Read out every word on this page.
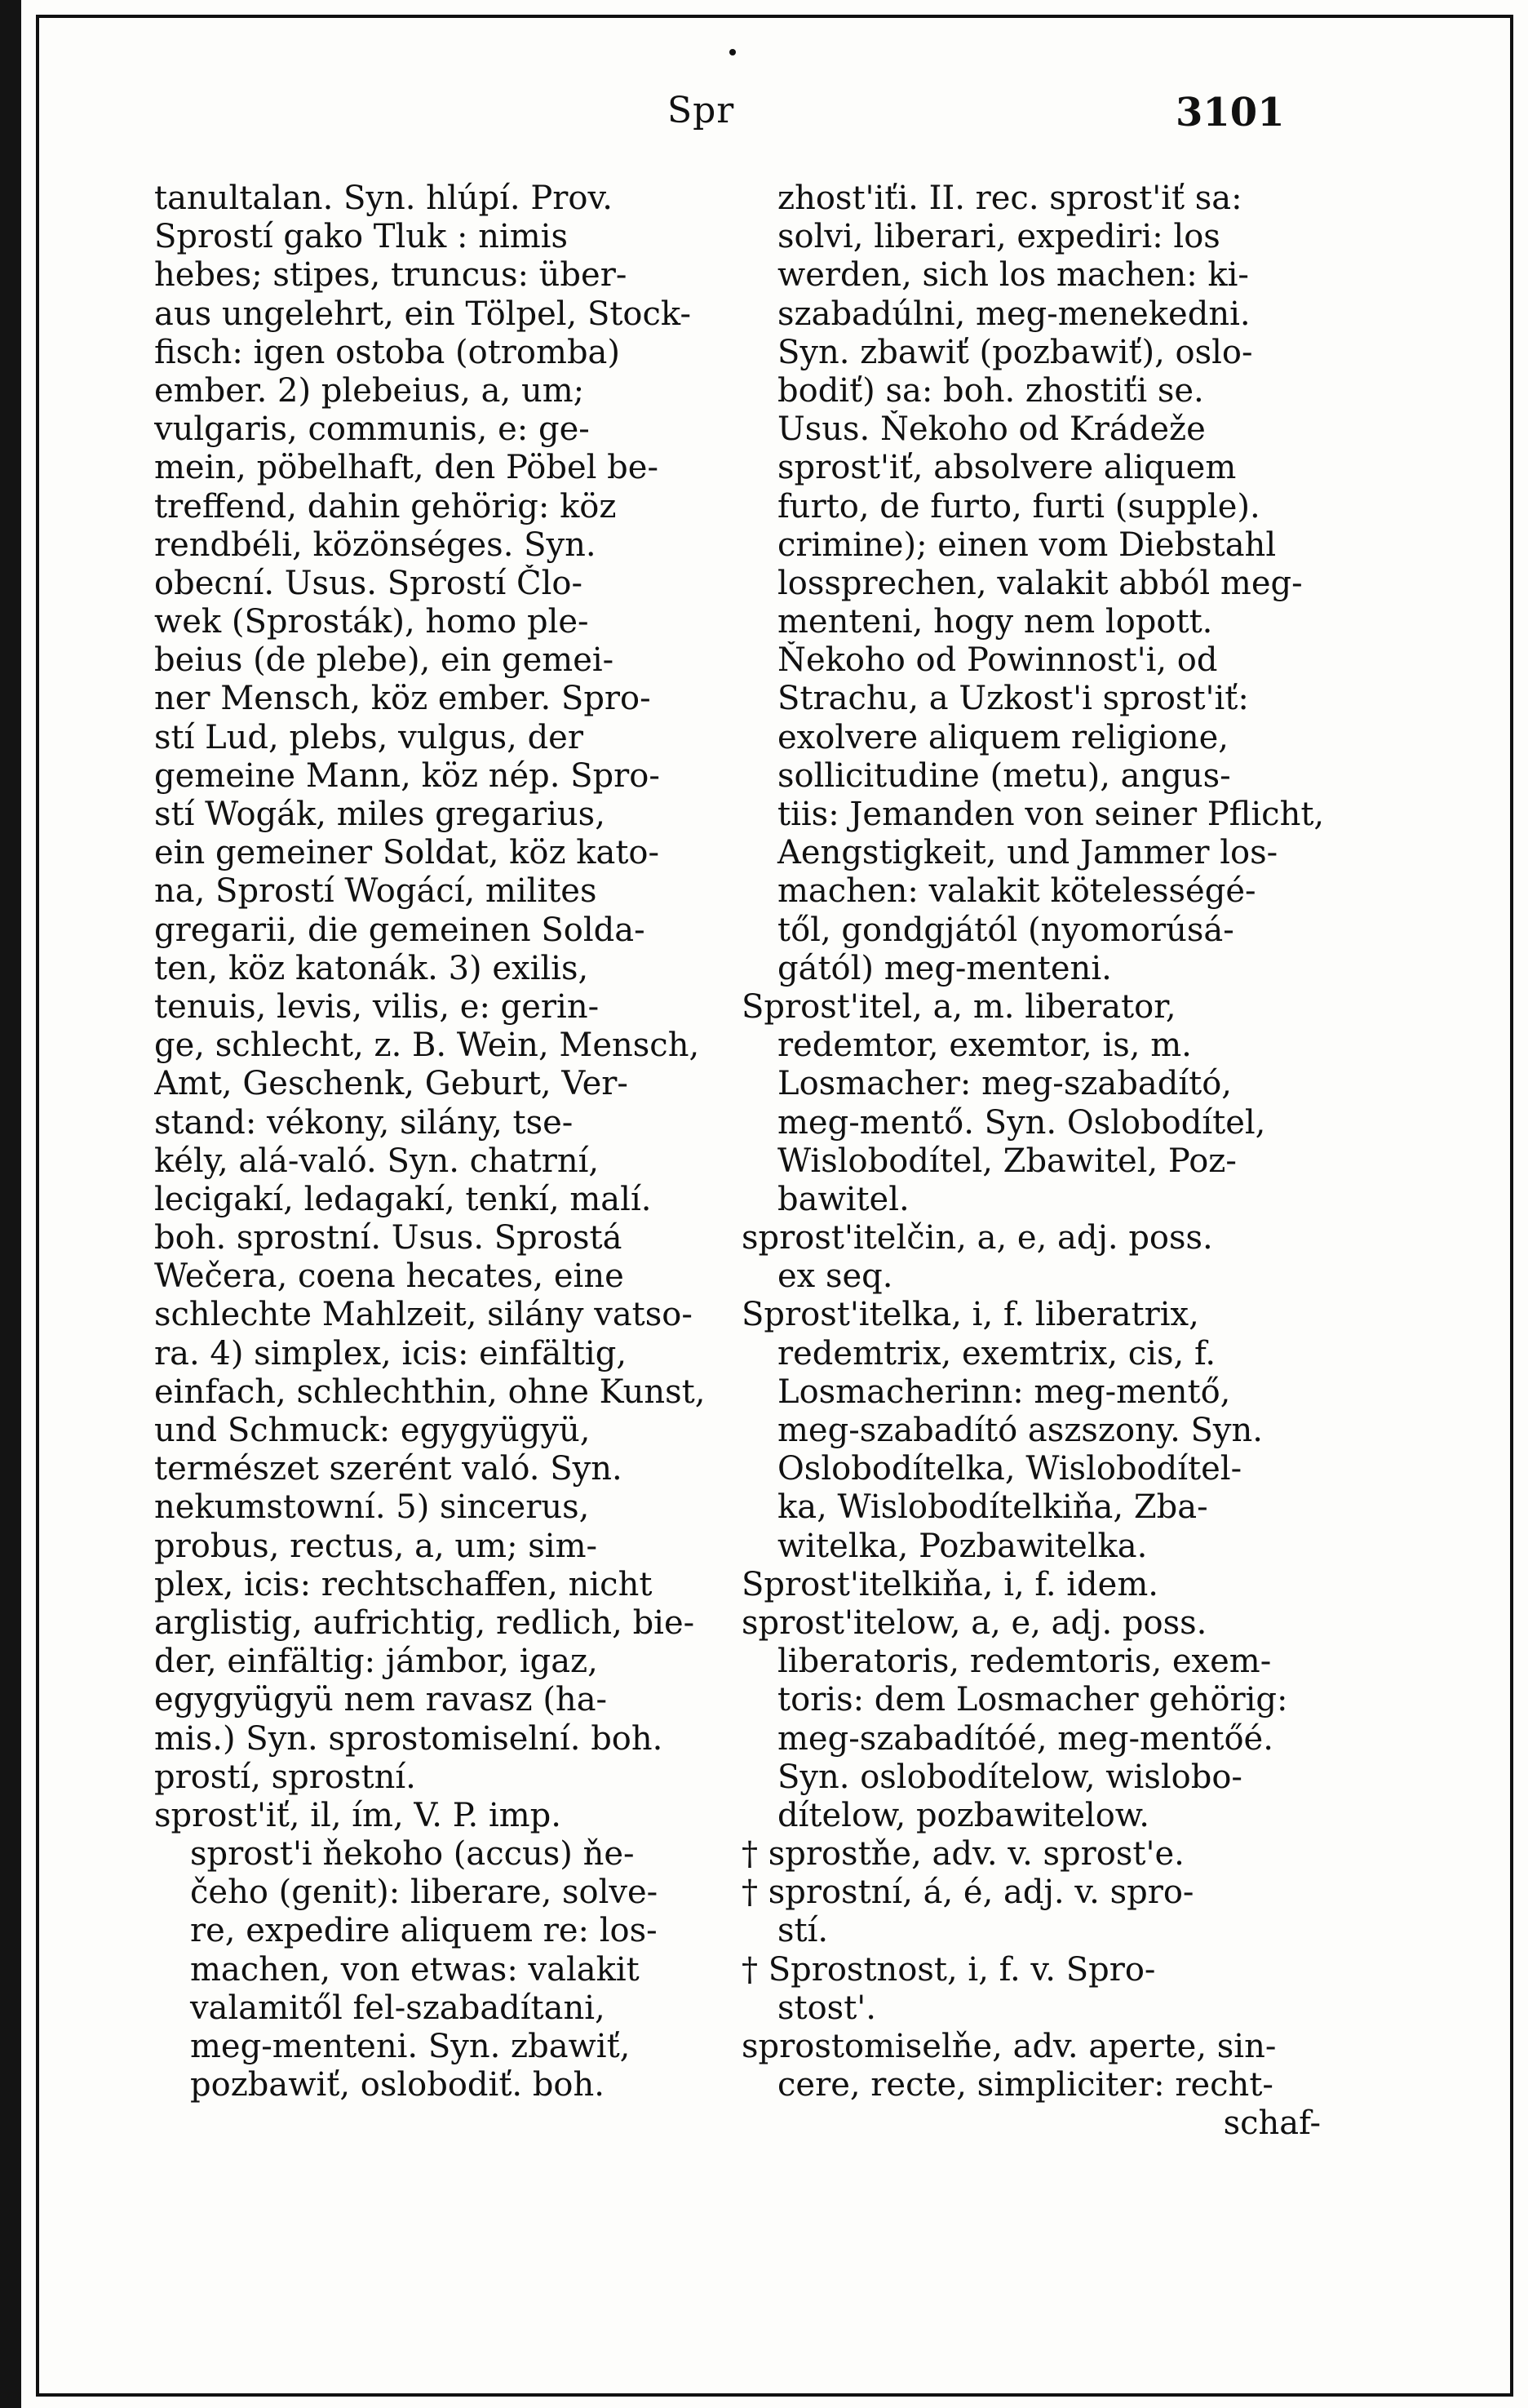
Spr	3101
tanultalan. Syn. hlúpí. Prov.
Sprostí gako Tluk : nimis
hebes; stipes, truncus: über-
aus ungelehrt, ein Tölpel, Stock-
fisch: igen ostoba (otromba)
ember. 2) plebeius, a, um;
vulgaris, communis, e: ge-
mein, pöbelhaft, den Pöbel be-
treffend, dahin gehörig: köz
rendbéli, közönséges. Syn.
obecní. Usus. Sprostí Člo-
wek (Sprosták), homo ple-
beius (de plebe), ein gemei-
ner Mensch, köz ember. Spro-
stí Lud, plebs, vulgus, der
gemeine Mann, köz nép. Spro-
stí Wogák, miles gregarius,
ein gemeiner Soldat, köz kato-
na, Sprostí Wogácí, milites
gregarii, die gemeinen Solda-
ten, köz katonák. 3) exilis,
tenuis, levis, vilis, e: gerin-
ge, schlecht, z. B. Wein, Mensch,
Amt, Geschenk, Geburt, Ver-
stand: vékony, silány, tse-
kély, alá-való. Syn. chatrní,
lecigakí, ledagakí, tenkí, malí.
boh. sprostní. Usus. Sprostá
Wečera, coena hecates, eine
schlechte Mahlzeit, silány vatso-
ra. 4) simplex, icis: einfältig,
einfach, schlechthin, ohne Kunst,
und Schmuck: egygyügyü,
természet szerént való. Syn.
nekumstowní. 5) sincerus,
probus, rectus, a, um; sim-
plex, icis: rechtschaffen, nicht
arglistig, aufrichtig, redlich, bie-
der, einfältig: jámbor, igaz,
egygyügyü nem ravasz (ha-
mis.) Syn. sprostomiselní. boh.
prostí, sprostní.
sprost'iť, il, ím, V. P. imp.
sprost'i ňekoho (accus) ňe-
čeho (genit): liberare, solve-
re, expedire aliquem re: los-
machen, von etwas: valakit
valamitől fel-szabadítani,
meg-menteni. Syn. zbawiť,
pozbawiť, oslobodiť. boh.
zhost'iťi. II. rec. sprost'iť sa:
solvi, liberari, expediri: los
werden, sich los machen: ki-
szabadúlni, meg-menekedni.
Syn. zbawiť (pozbawiť), oslo-
bodiť) sa: boh. zhostiťi se.
Usus. Ňekoho od Krádeže
sprost'iť, absolvere aliquem
furto, de furto, furti (supple).
crimine); einen vom Diebstahl
lossprechen, valakit abból meg-
menteni, hogy nem lopott.
Ňekoho od Powinnost'i, od
Strachu, a Uzkost'i sprost'iť:
exolvere aliquem religione,
sollicitudine (metu), angus-
tiis: Jemanden von seiner Pflicht,
Aengstigkeit, und Jammer los-
machen: valakit kötelességé-
től, gondgjától (nyomorúsá-
gától) meg-menteni.
Sprost'itel, a, m. liberator,
redemtor, exemtor, is, m.
Losmacher: meg-szabadító,
meg-mentő. Syn. Oslobodítel,
Wislobodítel, Zbawitel, Poz-
bawitel.
sprost'itelčin, a, e, adj. poss.
ex seq.
Sprost'itelka, i, f. liberatrix,
redemtrix, exemtrix, cis, f.
Losmacherinn: meg-mentő,
meg-szabadító aszszony. Syn.
Oslobodítelka, Wislobodítel-
ka, Wislobodítelkiňa, Zba-
witelka, Pozbawitelka.
Sprost'itelkiňa, i, f. idem.
sprost'itelow, a, e, adj. poss.
liberatoris, redemtoris, exem-
toris: dem Losmacher gehörig:
meg-szabadítóé, meg-mentőé.
Syn. oslobodítelow, wislobo-
dítelow, pozbawitelow.
† sprostňe, adv. v. sprost'e.
† sprostní, á, é, adj. v. spro-
stí.
† Sprostnost, i, f. v. Spro-
stost'.
sprostomiselňe, adv. aperte, sin-
cere, recte, simpliciter: recht-
schaf-
